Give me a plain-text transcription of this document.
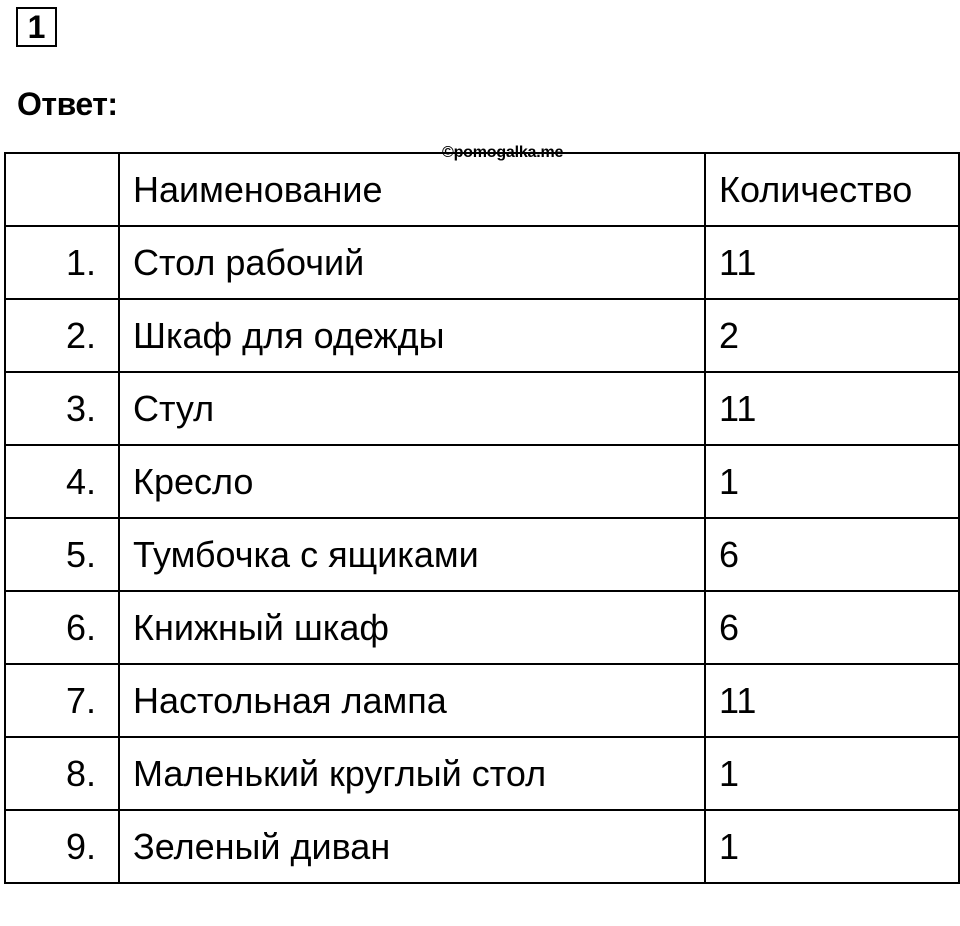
1
Ответ:
©pomogalka.me
	Наименование	Количество
1.	Стол рабочий	11
2.	Шкаф для одежды	2
3.	Стул	11
4.	Кресло	1
5.	Тумбочка с ящиками	6
6.	Книжный шкаф	6
7.	Настольная лампа	11
8.	Маленький круглый стол	1
9.	Зеленый диван	1
